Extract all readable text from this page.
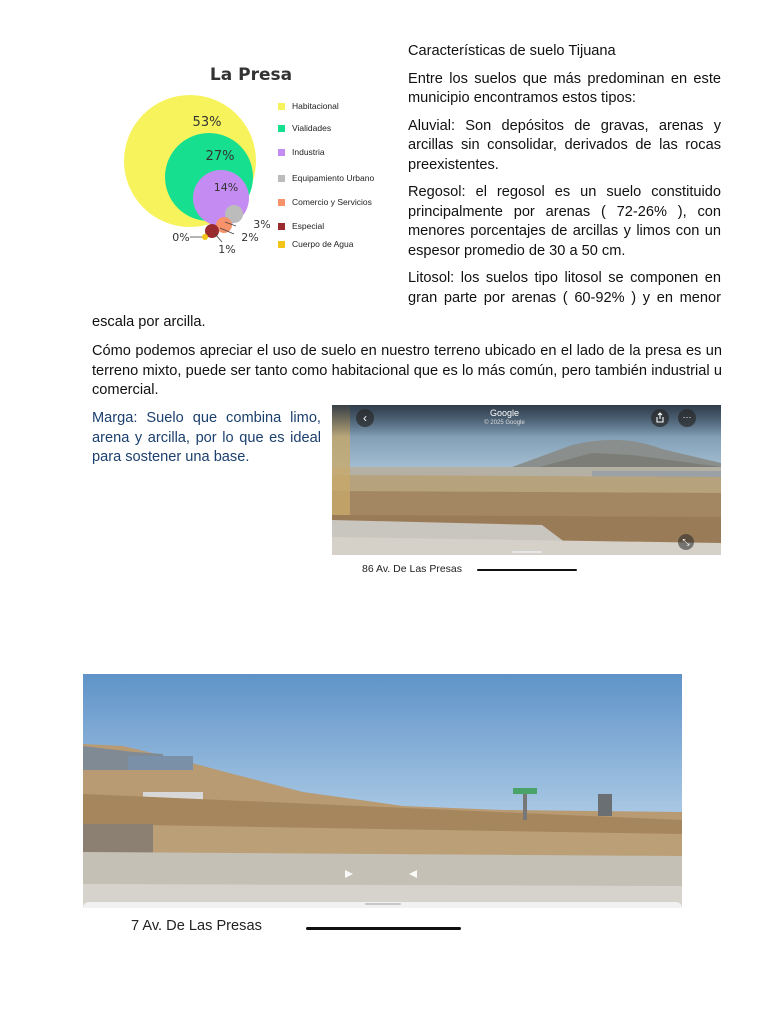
La Presa
53%
27%
14%
3%
2%
1%
0%
Habitacional
Vialidades
Industria
Equipamiento Urbano
Comercio y Servicios
Especial
Cuerpo de Agua

Características de suelo Tijuana

Entre los suelos que más predominan en este municipio encontramos estos tipos:

Aluvial: Son depósitos de gravas, arenas y arcillas sin consolidar, derivados de las rocas preexistentes.

Regosol: el regosol es un suelo constituido principalmente por arenas ( 72-26% ), con menores porcentajes de arcillas y limos con un espesor promedio de 30 a 50 cm.

Litosol: los suelos tipo litosol se componen en gran parte por arenas ( 60-92% ) y en menor

escala por arcilla.

Cómo podemos apreciar el uso de suelo en nuestro terreno ubicado en el lado de la presa es un terreno mixto, puede ser tanto como habitacional que es lo más común, pero también industrial u comercial.

Marga: Suelo que combina limo, arena y arcilla, por lo que es ideal para sostener una base.

‹	Google
© 2025 Google
···
⤡
86 Av. De Las Presas
7 Av. De Las Presas
